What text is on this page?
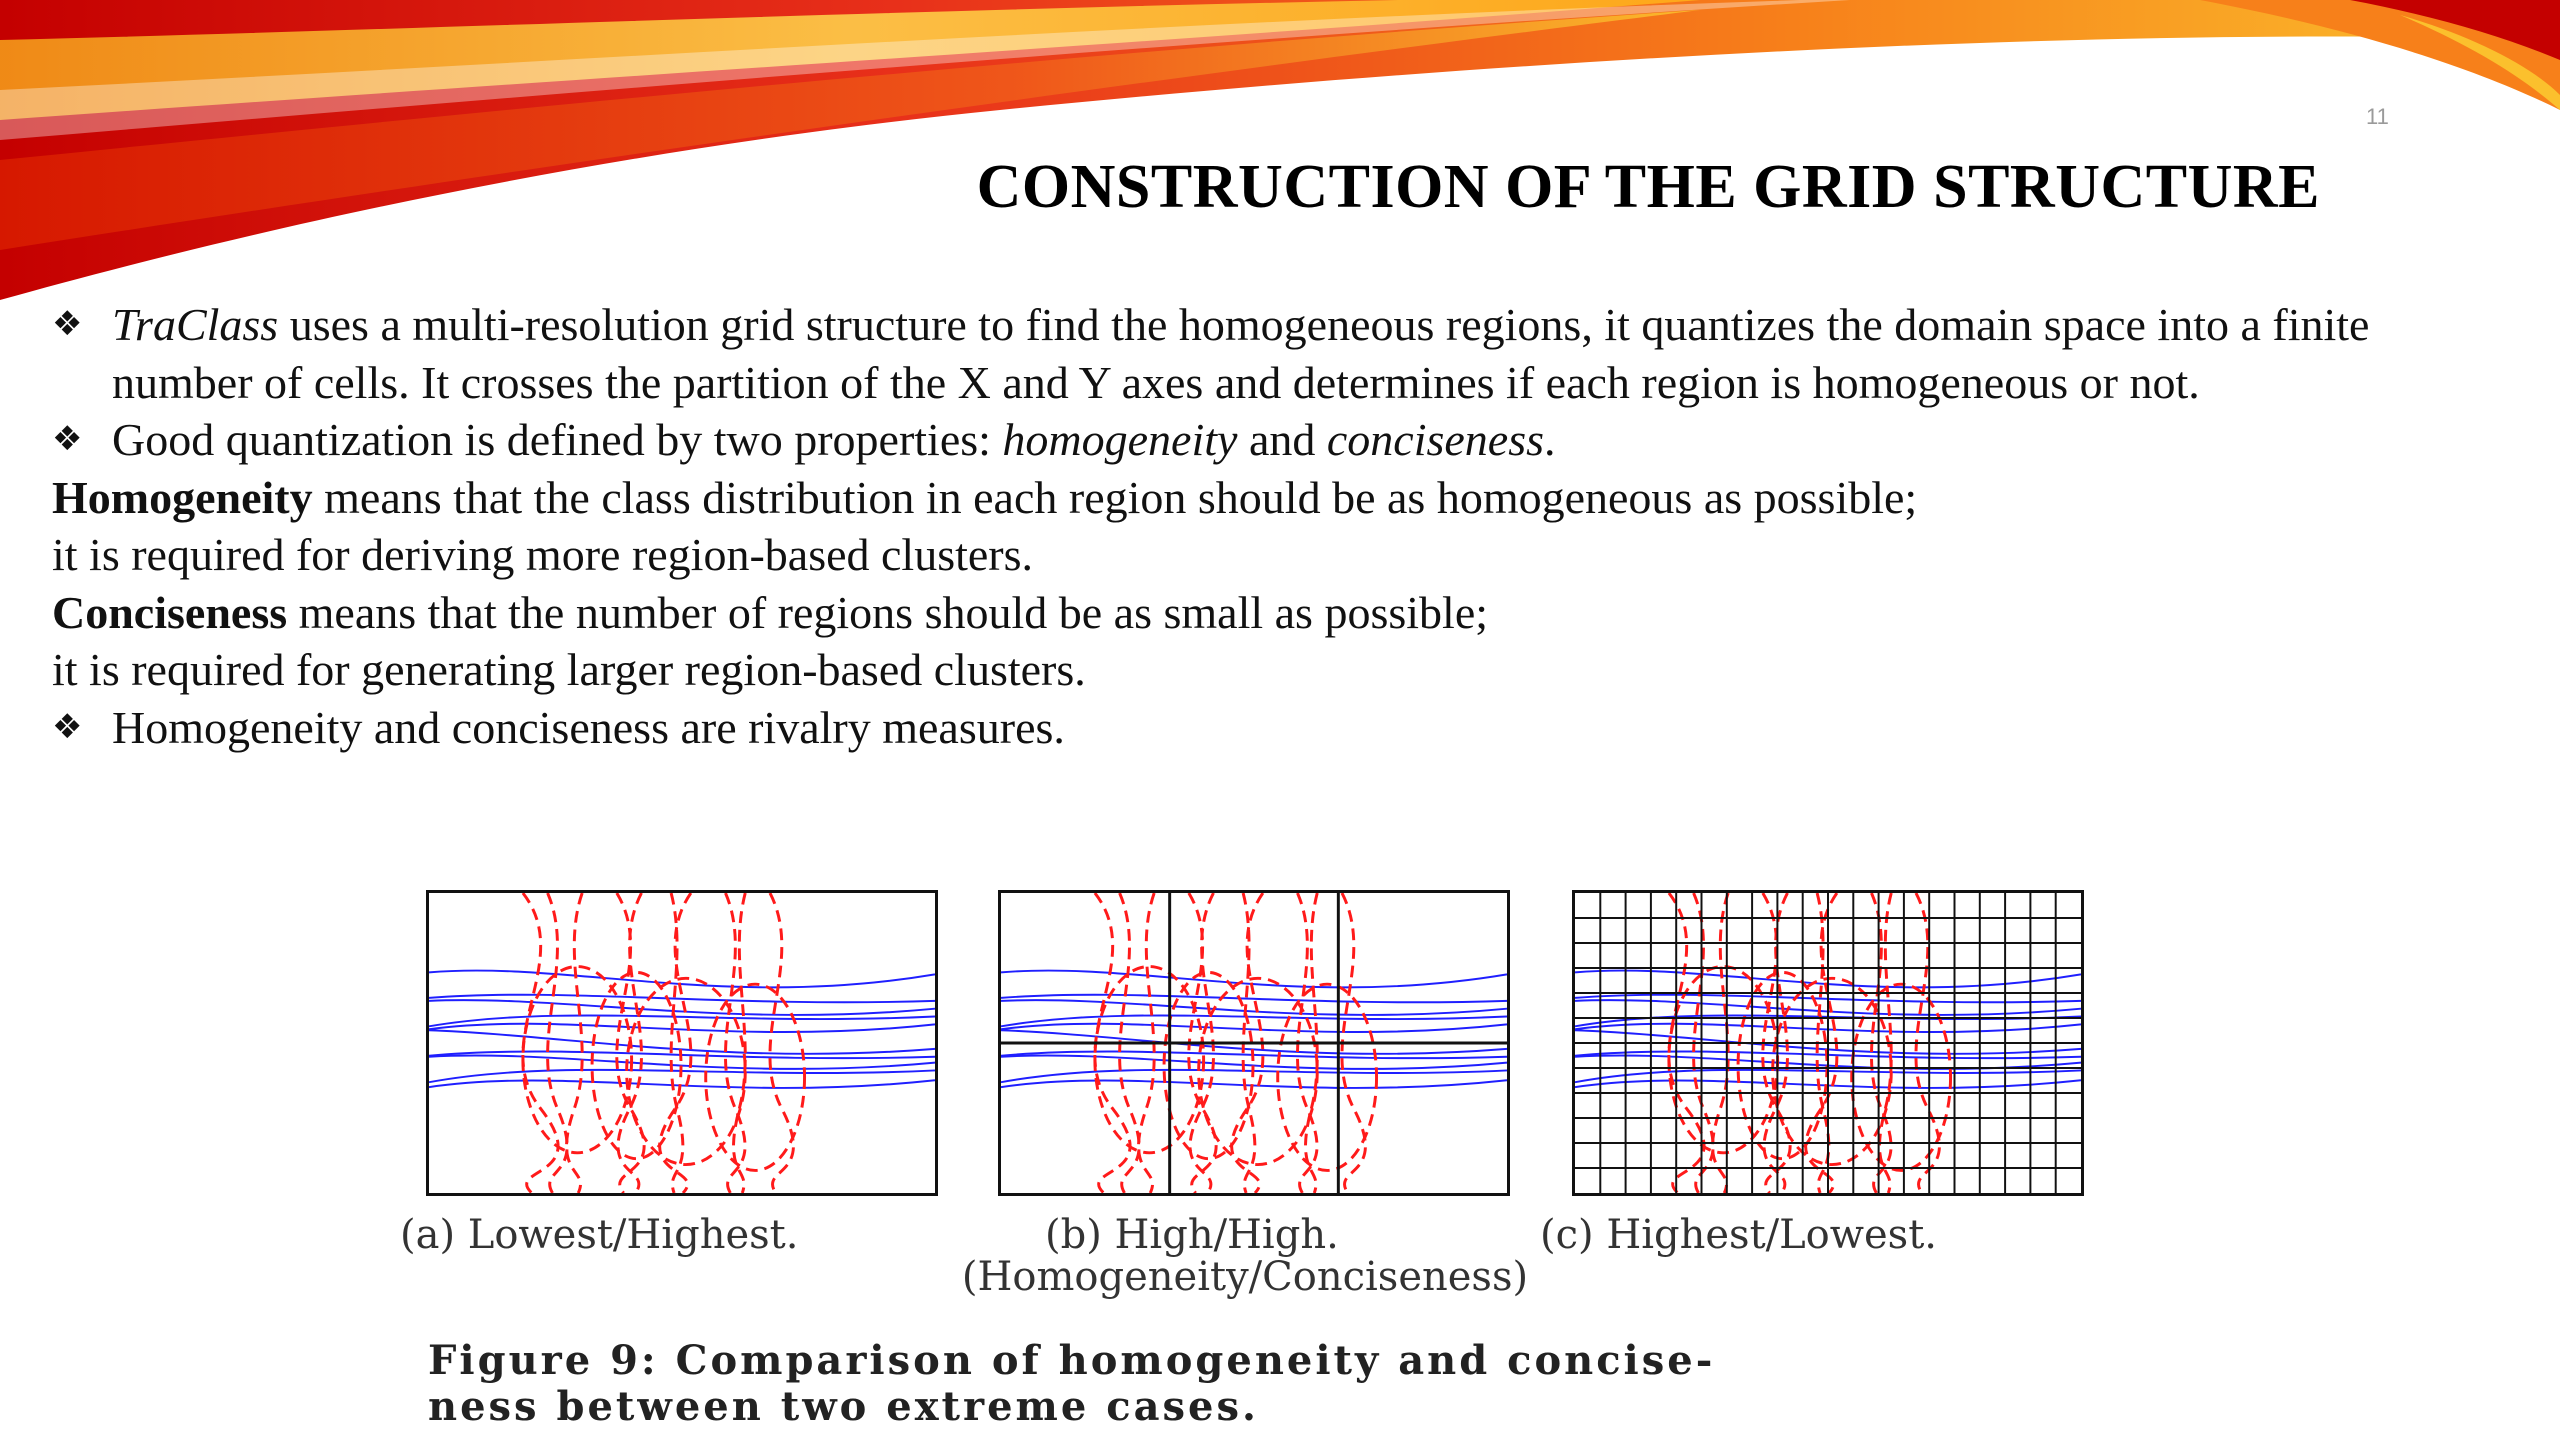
11
CONSTRUCTION OF THE GRID STRUCTURE
❖ TraClass uses a multi-resolution grid structure to find the homogeneous regions, it quantizes the domain space into a finite number of cells. It crosses the partition of the X and Y axes and determines if each region is homogeneous or not.
❖ Good quantization is defined by two properties: homogeneity and conciseness.

Homogeneity means that the class distribution in each region should be as homogeneous as possible;

it is required for deriving more region-based clusters.

Conciseness means that the number of regions should be as small as possible;

it is required for generating larger region-based clusters.

❖ Homogeneity and conciseness are rivalry measures.
(a) Lowest/Highest.	(b) High/High.	(c) Highest/Lowest.
(Homogeneity/Conciseness)
Figure 9: Comparison of homogeneity and concise-
ness between two extreme cases.
